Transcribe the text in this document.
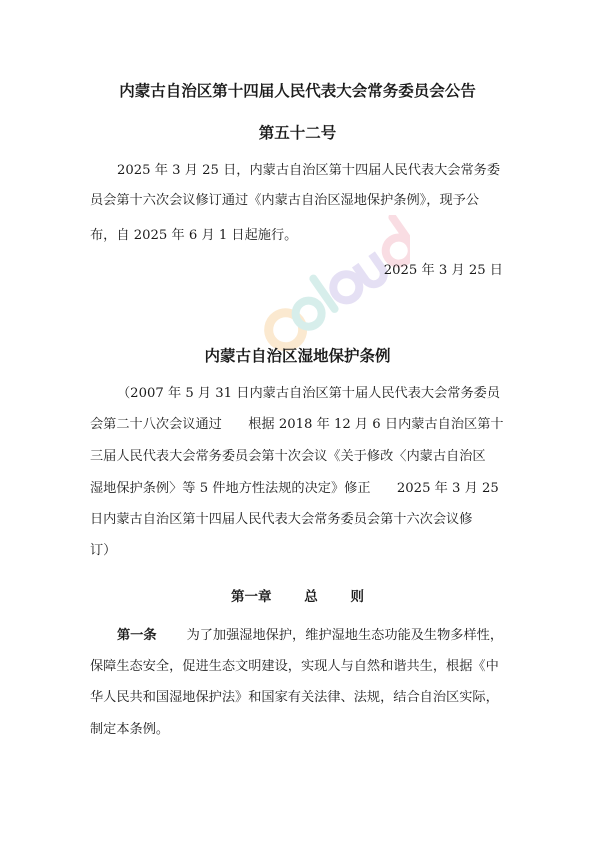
内蒙古自治区第十四届人民代表大会常务委员会公告
第五十二号
2025 年 3 月 25 日，内蒙古自治区第十四届人民代表大会常务委
员会第十六次会议修订通过《内蒙古自治区湿地保护条例》，现予公
布，自 2025 年 6 月 1 日起施行。
2025 年 3 月 25 日
内蒙古自治区湿地保护条例
（2007 年 5 月 31 日内蒙古自治区第十届人民代表大会常务委员
会第二十八次会议通过　　根据 2018 年 12 月 6 日内蒙古自治区第十
三届人民代表大会常务委员会第十次会议《关于修改〈内蒙古自治区
湿地保护条例〉等 5 件地方性法规的决定》修正　　2025 年 3 月 25
日内蒙古自治区第十四届人民代表大会常务委员会第十六次会议修
订）
第一章 总 则
第一条 为了加强湿地保护，维护湿地生态功能及生物多样性，
保障生态安全，促进生态文明建设，实现人与自然和谐共生，根据《中
华人民共和国湿地保护法》和国家有关法律、法规，结合自治区实际，
制定本条例。
